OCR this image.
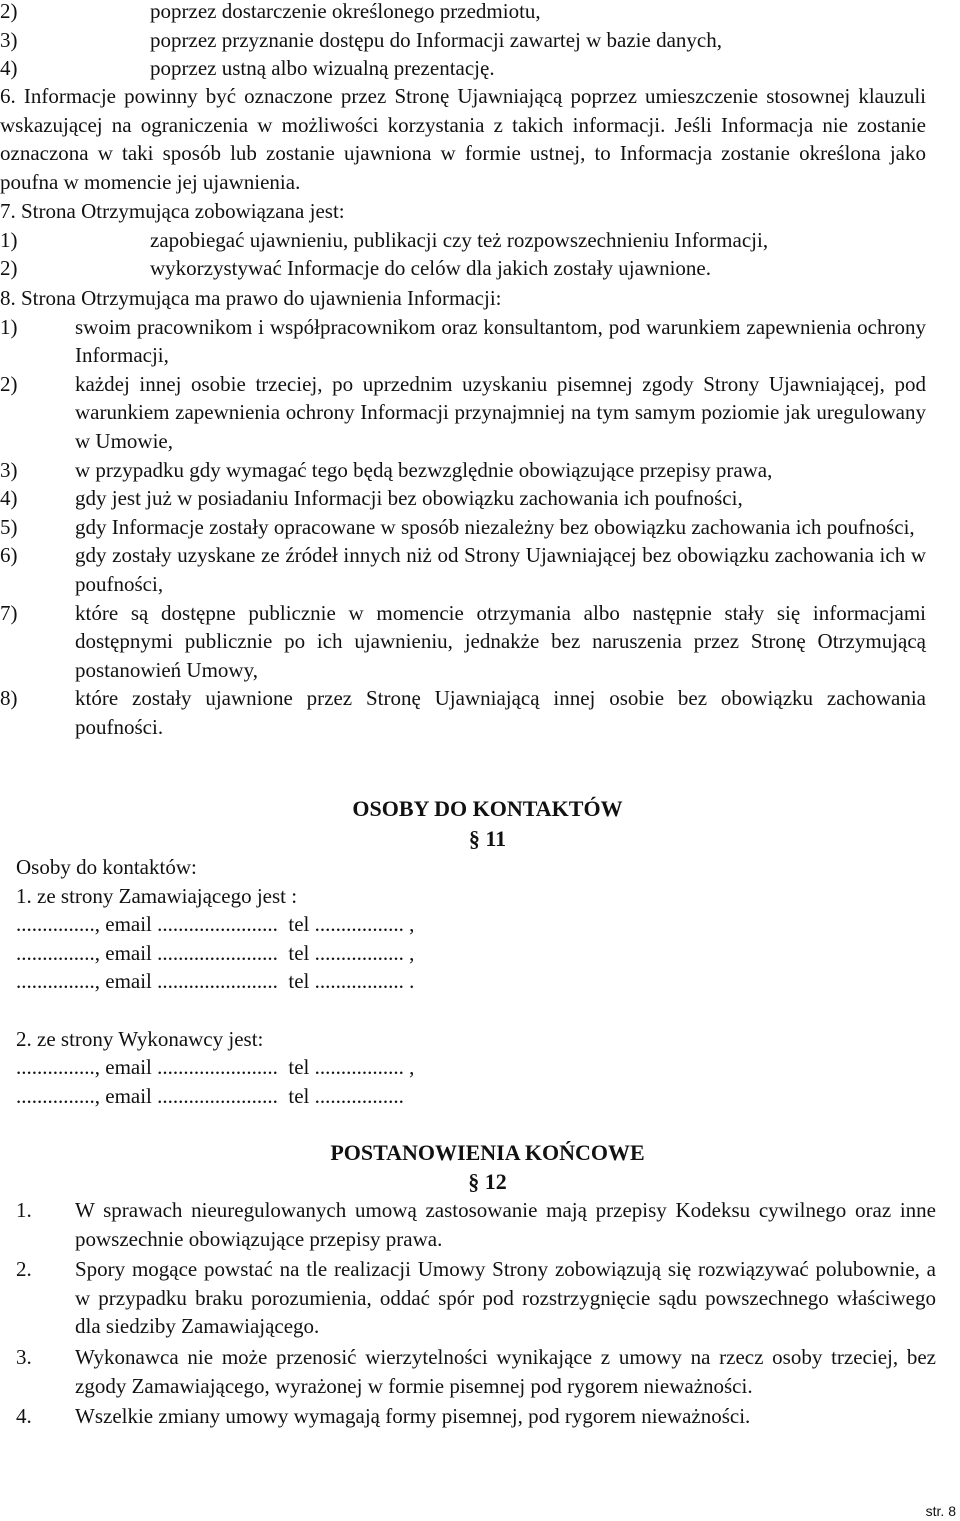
2)	poprzez dostarczenie określonego przedmiotu,
3)	poprzez przyznanie dostępu do Informacji zawartej w bazie danych,
4)	poprzez ustną albo wizualną prezentację.
6. Informacje powinny być oznaczone przez Stronę Ujawniającą poprzez umieszczenie stosownej klauzuli wskazującej na ograniczenia w możliwości korzystania z takich informacji. Jeśli Informacja nie zostanie oznaczona w taki sposób lub zostanie ujawniona w formie ustnej, to Informacja zostanie określona jako poufna w momencie jej ujawnienia.
7. Strona Otrzymująca zobowiązana jest:
1)	zapobiegać ujawnieniu, publikacji czy też rozpowszechnieniu Informacji,
2)	wykorzystywać Informacje do celów dla jakich zostały ujawnione.
8. Strona Otrzymująca ma prawo do ujawnienia Informacji:
1)	swoim pracownikom i współpracownikom oraz konsultantom, pod warunkiem zapewnienia ochrony Informacji,
2)	każdej innej osobie trzeciej, po uprzednim uzyskaniu pisemnej zgody Strony Ujawniającej, pod warunkiem zapewnienia ochrony Informacji przynajmniej na tym samym poziomie jak uregulowany w Umowie,
3)	w przypadku gdy wymagać tego będą bezwzględnie obowiązujące przepisy prawa,
4)	gdy jest już w posiadaniu Informacji bez obowiązku zachowania ich poufności,
5)	gdy Informacje zostały opracowane w sposób niezależny bez obowiązku zachowania ich poufności,
6)	gdy zostały uzyskane ze źródeł innych niż od Strony Ujawniającej bez obowiązku zachowania ich w poufności,
7)	które są dostępne publicznie w momencie otrzymania albo następnie stały się informacjami dostępnymi publicznie po ich ujawnieniu, jednakże bez naruszenia przez Stronę Otrzymującą postanowień Umowy,
8)	które zostały ujawnione przez Stronę Ujawniającą innej osobie bez obowiązku zachowania poufności.
OSOBY DO KONTAKTÓW
§ 11
Osoby do kontaktów:
1. ze strony Zamawiającego jest :
..............., email .......................  tel ................. ,
..............., email .......................  tel ................. ,
..............., email .......................  tel ................. .
2. ze strony Wykonawcy jest:
..............., email .......................  tel ................. ,
..............., email .......................  tel .................
POSTANOWIENIA KOŃCOWE
§ 12
1.	W sprawach nieuregulowanych umową zastosowanie mają przepisy Kodeksu cywilnego oraz inne powszechnie obowiązujące przepisy prawa.
2.	Spory mogące powstać na tle realizacji Umowy Strony zobowiązują się rozwiązywać polubownie, a w przypadku braku porozumienia, oddać spór pod rozstrzygnięcie sądu powszechnego właściwego dla siedziby Zamawiającego.
3.	Wykonawca nie może przenosić wierzytelności wynikające z umowy na rzecz osoby trzeciej, bez zgody Zamawiającego, wyrażonej w formie pisemnej pod rygorem nieważności.
4.	Wszelkie zmiany umowy wymagają formy pisemnej, pod rygorem nieważności.
str. 8
